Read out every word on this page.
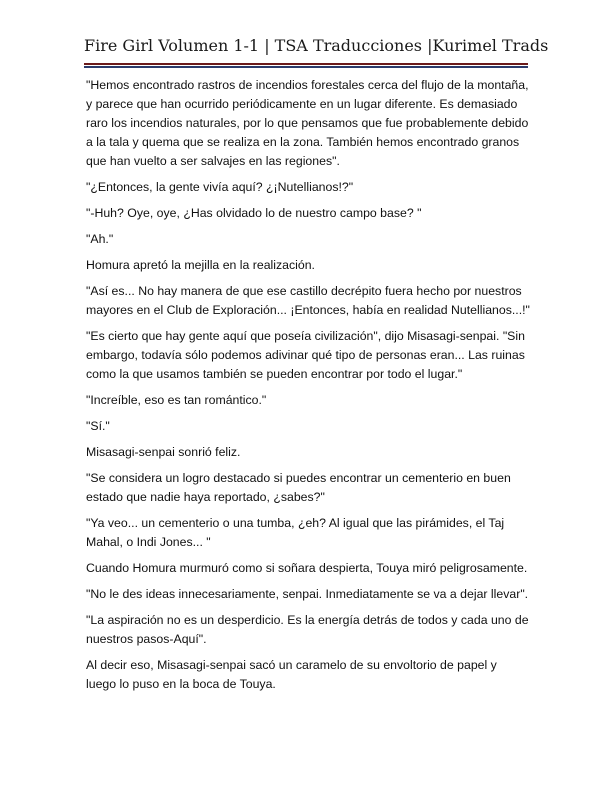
Fire Girl Volumen 1-1 | TSA Traducciones |Kurimel Trads

"Hemos encontrado rastros de incendios forestales cerca del flujo de la montaña, y parece que han ocurrido periódicamente en un lugar diferente. Es demasiado raro los incendios naturales, por lo que pensamos que fue probablemente debido a la tala y quema que se realiza en la zona. También hemos encontrado granos que han vuelto a ser salvajes en las regiones".

"¿Entonces, la gente vivía aquí? ¿¡Nutellianos!?"

"-Huh? Oye, oye, ¿Has olvidado lo de nuestro campo base? "

"Ah."

Homura apretó la mejilla en la realización.

"Así es... No hay manera de que ese castillo decrépito fuera hecho por nuestros mayores en el Club de Exploración... ¡Entonces, había en realidad Nutellianos...!"

"Es cierto que hay gente aquí que poseía civilización", dijo Misasagi-senpai. "Sin embargo, todavía sólo podemos adivinar qué tipo de personas eran... Las ruinas como la que usamos también se pueden encontrar por todo el lugar."

"Increíble, eso es tan romántico."

"Sí."

Misasagi-senpai sonrió feliz.

"Se considera un logro destacado si puedes encontrar un cementerio en buen estado que nadie haya reportado, ¿sabes?"

"Ya veo... un cementerio o una tumba, ¿eh? Al igual que las pirámides, el Taj Mahal, o Indi Jones... "

Cuando Homura murmuró como si soñara despierta, Touya miró peligrosamente.

"No le des ideas innecesariamente, senpai. Inmediatamente se va a dejar llevar".

"La aspiración no es un desperdicio. Es la energía detrás de todos y cada uno de nuestros pasos-Aquí".

Al decir eso, Misasagi-senpai sacó un caramelo de su envoltorio de papel y luego lo puso en la boca de Touya.
